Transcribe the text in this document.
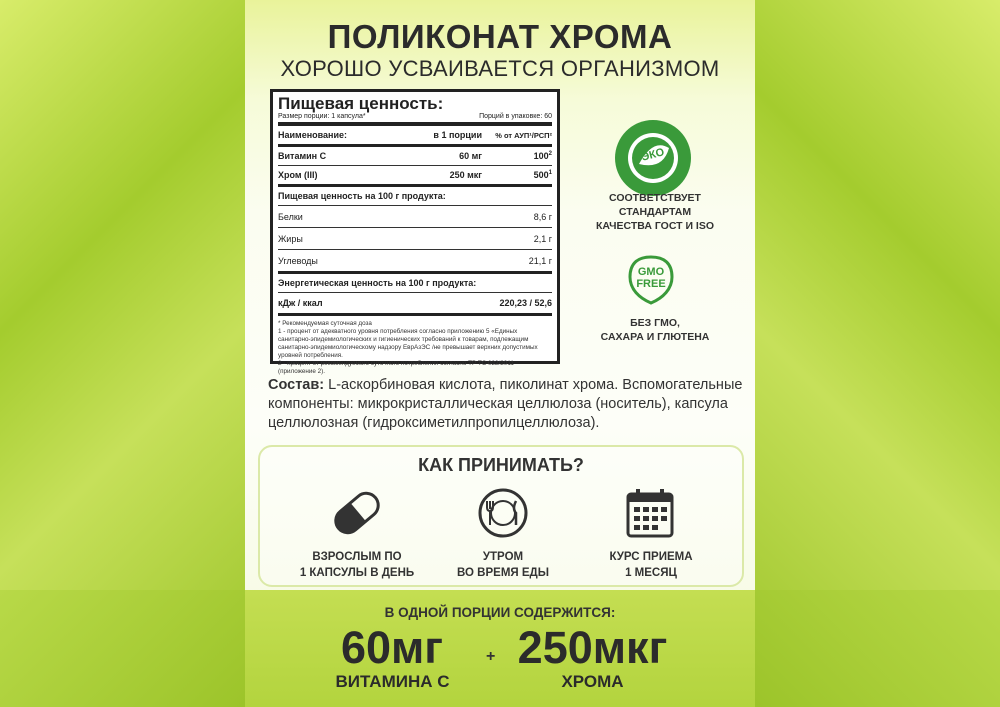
ПОЛИКОНАТ ХРОМА
ХОРОШО УСВАИВАЕТСЯ ОРГАНИЗМОМ
Пищевая ценность:
Размер порции: 1 капсула*	Порций в упаковке: 60
Наименование:	в 1 порции	% от АУП¹/РСП²
Витамин С	60 мг	$100^2$
Хром (III)	250 мкг	$500^1$
Пищевая ценность на 100 г продукта:
Белки	8,6 г
Жиры	2,1 г
Углеводы	21,1 г
Энергетическая ценность на 100 г продукта:
кДж / ккал	220,23 / 52,6
* Рекомендуемая суточная доза
1 - процент от адекватного уровня потребления согласно приложению 5 «Единых
санитарно-эпидемиологических и гигиенических требований к товарам, подлежащим
санитарно-эпидемиологическому надзору ЕврАзЭС /не превышает верхних допустимых
уровней потребления.
2 - процент от рекомендуемого суточного потребления согласно ТР ТС 022/2011 (приложение 2).
ЭКО
СООТВЕТСТВУЕТ
СТАНДАРТАМ
КАЧЕСТВА ГОСТ И ISO
GMO
FREE
БЕЗ ГМО,
САХАРА И ГЛЮТЕНА
Состав: L-аскорбиновая кислота, пиколинат хрома. Вспомогательные компоненты: микрокристаллическая целлюлоза (носитель), капсула целлюлозная (гидроксиметилпропилцеллюлоза).
КАК ПРИНИМАТЬ?
ВЗРОСЛЫМ ПО
1 КАПСУЛЫ В ДЕНЬ
УТРОМ
ВО ВРЕМЯ ЕДЫ
КУРС ПРИЕМА
1 МЕСЯЦ
В ОДНОЙ ПОРЦИИ СОДЕРЖИТСЯ:
60мг
ВИТАМИНА С
+ 250мкг
ХРОМА
